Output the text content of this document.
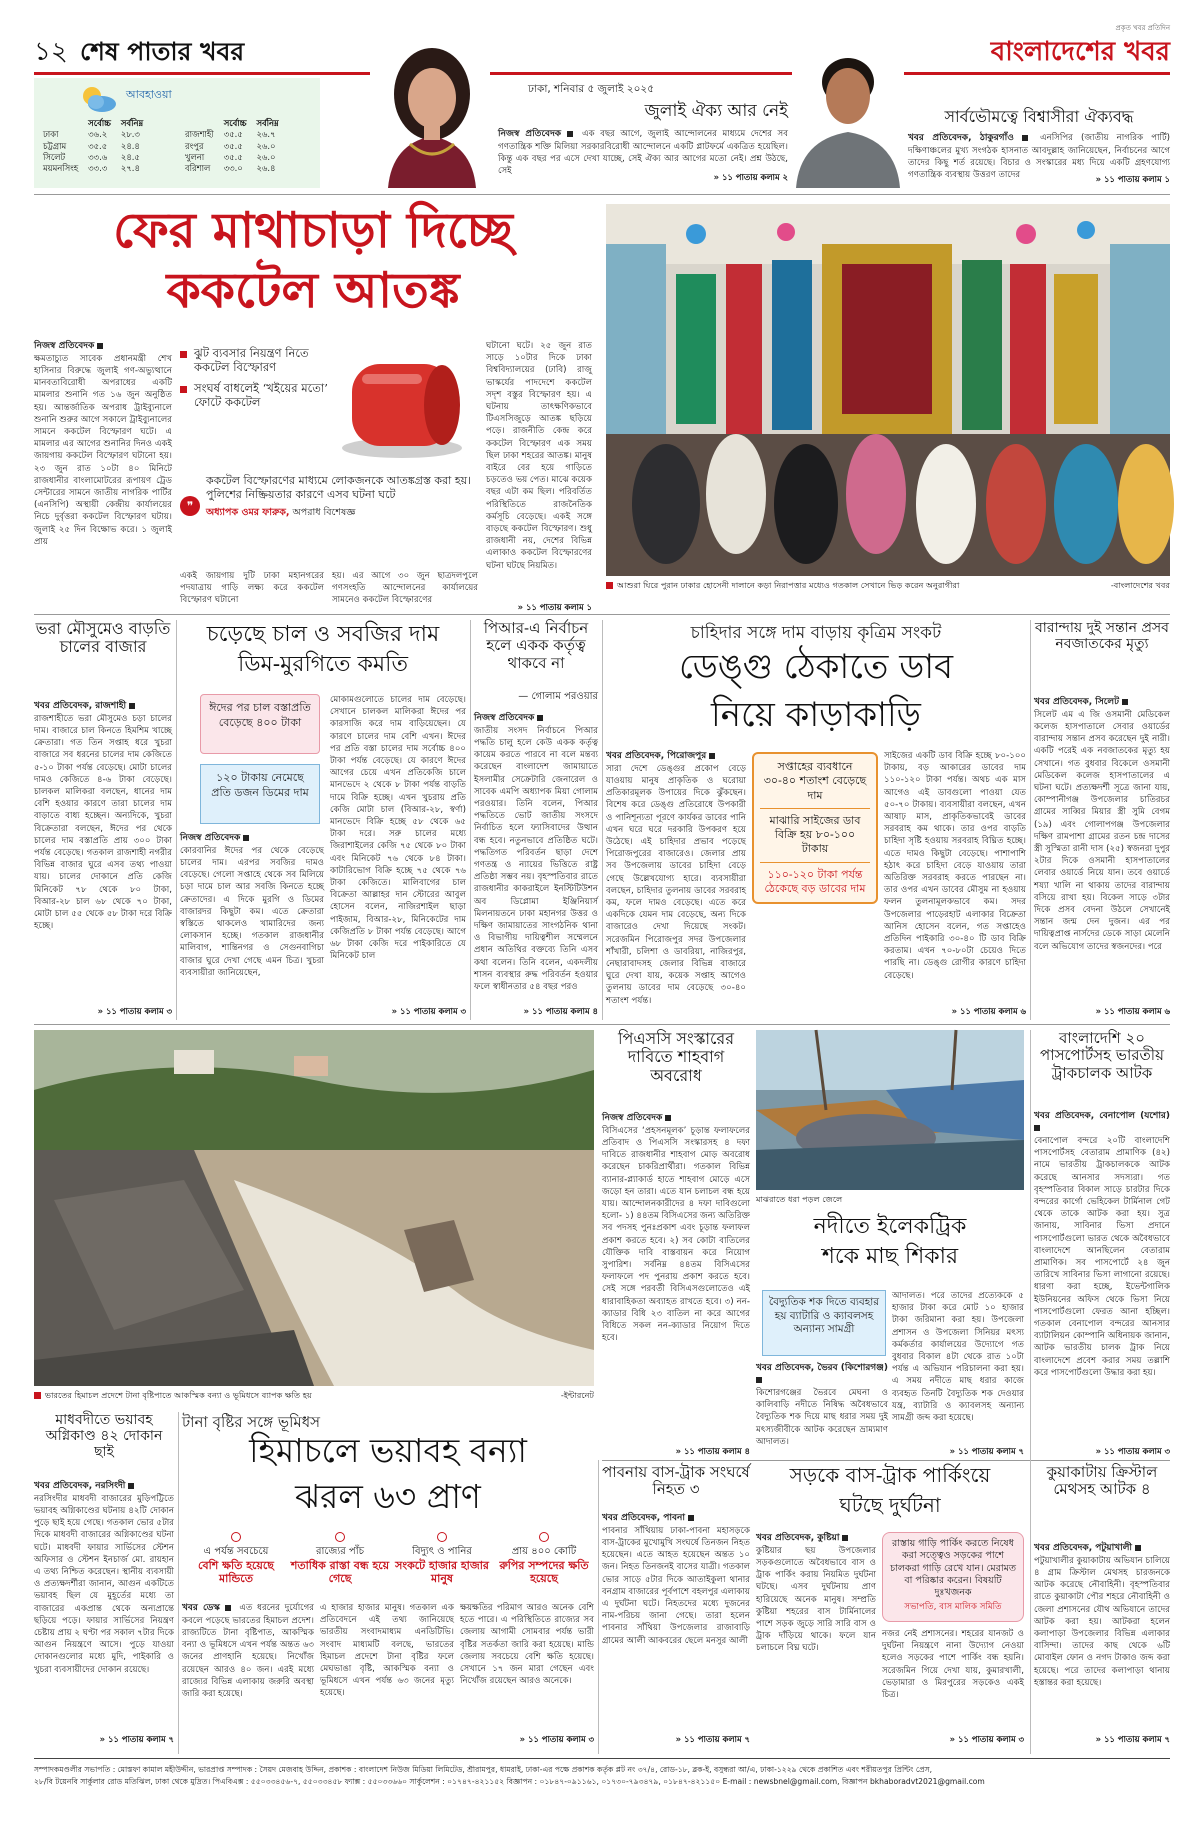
১২ শেষ পাতার খবর
প্রকৃত খবর প্রতিদিন
বাংলাদেশের খবর
আবহাওয়া
	সর্বোচ্চ	সর্বনিম্ন
ঢাকা	৩৬.২	২৮.৩
চট্টগ্রাম	৩৫.৫	২৪.৪
সিলেট	৩৩.৬	২৪.৫
ময়মনসিংহ	৩৩.৩	২৭.৪
	সর্বোচ্চ	সর্বনিম্ন
রাজশাহী	৩৫.৫	২৬.৭
রংপুর	৩৫.৫	২৬.০
খুলনা	৩৫.৫	২৬.০
বরিশাল	৩৩.০	২৬.৪
ঢাকা, শনিবার ৫ জুলাই ২০২৫
জুলাই ঐক্য আর নেই
নিজস্ব প্রতিবেদক এক বছর আগে, জুলাই আন্দোলনের মাধ্যমে দেশের সব গণতান্ত্রিক শক্তি মিলিয়া সরকারবিরোধী আন্দোলনে একটি প্লাটফর্মে একত্রিত হয়েছিল। কিন্তু এক বছর পর এসে দেখা যাচ্ছে, সেই ঐক্য আর আগের মতো নেই। প্রশ্ন উঠছে, সেই
» ১১ পাতায় কলাম ২
সার্বভৌমত্বে বিশ্বাসীরা ঐক্যবদ্ধ
খবর প্রতিবেদক, ঠাকুরগাঁও	এনসিপির (জাতীয় নাগরিক পার্টি) দক্ষিণাঞ্চলের মুখ্য সংগঠক হাসনাত আবদুল্লাহ জানিয়েছেন, নির্বাচনের আগে তাদের কিছু শর্ত রয়েছে। বিচার ও সংস্কারের মধ্য দিয়ে একটি গ্রহণযোগ্য গণতান্ত্রিক ব্যবস্থায় উত্তরণ তাদের	» ১১ পাতায় কলাম ১
ফের মাথাচাড়া দিচ্ছে
ককটেল আতঙ্ক
নিজস্ব প্রতিবেদক
ক্ষমতাচ্যুত সাবেক প্রধানমন্ত্রী শেখ হাসিনার বিরুদ্ধে জুলাই গণ-অভ্যুত্থানে মানবতাবিরোধী অপরাধের একটি মামলার শুনানি গত ১৬ জুন অনুষ্ঠিত হয়। আন্তর্জাতিক অপরাধ ট্রাইব্যুনালে শুনানি শুরুর আগে সকালে ট্রাইব্যুনালের সামনে ককটেল বিস্ফোরণ ঘটে। এ মামলার এর আগের শুনানির দিনও একই জায়গায় ককটেল বিস্ফোরণ ঘটানো হয়। ২৩ জুন রাত ১০টা ৪০ মিনিটে রাজধানীর বাংলামোটরের রূপায়ণ ট্রেড সেন্টারের সামনে জাতীয় নাগরিক পার্টির (এনসিপি) অস্থায়ী কেন্দ্রীয় কার্যালয়ের নিচে দুর্বৃত্তরা ককটেল বিস্ফোরণ ঘটায়। জুলাই ২৫ দিন বিক্ষোভ করে। ১ জুলাই প্রায়
ঝুট ব্যবসার নিয়ন্ত্রণ নিতে ককটেল বিস্ফোরণ
সংঘর্ষ বাধলেই ‘খইয়ের মতো’ ফোটে ককটেল
ককটেল বিস্ফোরণের মাধ্যমে লোকজনকে আতঙ্কগ্রস্ত করা হয়। পুলিশের নিষ্ক্রিয়তার কারণে এসব ঘটনা ঘটে
❞	অধ্যাপক ওমর ফারুক, অপরাধ বিশেষজ্ঞ
একই জায়গায় দুটি ঢাকা মহানগরের পদযাত্রায় গাড়ি লক্ষ্য করে ককটেল বিস্ফোরণ ঘটানো
হয়। এর আগে ৩০ জুন ছাত্রদলপুলে গণসংহতি আন্দোলনের কার্যালয়ের সামনেও ককটেল বিস্ফোরণের
ঘটানো ঘটে। ২৫ জুন রাত সাড়ে ১০টার দিকে ঢাকা বিশ্ববিদ্যালয়ের (ঢাবি) রাজু ভাস্কর্যের পাদদেশে ককটেল সদৃশ বস্তুর বিস্ফোরণ হয়। এ ঘটনায় তাৎক্ষণিকভাবে টিএসসিজুড়ে আতঙ্ক ছড়িয়ে পড়ে। রাজনীতি কেন্দ্র করে ককটেল বিস্ফোরণ এক সময় ছিল ঢাকা শহরের আতঙ্ক। মানুষ বাইরে বের হয়ে গাড়িতে চড়তেও ভয় পেত। মাঝে কয়েক বছর এটা কম ছিল। পরিবর্তিত পরিস্থিতিতে রাজনৈতিক কর্মসূচি বেড়েছে। একই সঙ্গে বাড়ছে ককটেল বিস্ফোরণ। শুধু রাজধানী নয়, দেশের বিভিন্ন এলাকাও ককটেল বিস্ফোরণের ঘটনা ঘটছে নিয়মিত।
» ১১ পাতায় কলাম ১
আশুরা ঘিরে পুরান ঢাকার হোসেনী দালানে কড়া নিরাপত্তার মধ্যেও গতকাল সেখানে ভিড় করেন অনুরাগীরা	-বাংলাদেশের খবর
ভরা মৌসুমেও বাড়তি চালের বাজার
খবর প্রতিবেদক, রাজশাহী
রাজশাহীতে ভরা মৌসুমেও চড়া চালের দাম। বাজারে চাল কিনতে হিমশিম খাচ্ছে ক্রেতারা। গত তিন সপ্তাহ ধরে খুচরা বাজারে সব ধরনের চালের দাম কেজিতে ৫-১০ টাকা পর্যন্ত বেড়েছে। মোটা চালের দামও কেজিতে ৪-৬ টাকা বেড়েছে। চালকল মালিকরা বলছেন, ধানের দাম বেশি হওয়ার কারণে তারা চালের দাম বাড়াতে বাধ্য হচ্ছেন। অন্যদিকে, খুচরা বিক্রেতারা বলছেন, ঈদের পর থেকে চালের দাম বস্তাপ্রতি প্রায় ৩০০ টাকা পর্যন্ত বেড়েছে। গতকাল রাজশাহী নগরীর বিভিন্ন বাজার ঘুরে এসব তথ্য পাওয়া যায়। চালের দোকানে প্রতি কেজি মিনিকেট ৭৮ থেকে ৮০ টাকা, বিআর-২৮ চাল ৬৮ থেকে ৭০ টাকা, মোটা চাল ৫৫ থেকে ৫৮ টাকা দরে বিক্রি হচ্ছে।
» ১১ পাতায় কলাম ৩
চড়েছে চাল ও সবজির দাম
ডিম-মুরগিতে কমতি
ঈদের পর চাল বস্তাপ্রতি বেড়েছে ৪০০ টাকা
১২০ টাকায় নেমেছে প্রতি ডজন ডিমের দাম
নিজস্ব প্রতিবেদক
কোরবানির ঈদের পর থেকে বেড়েছে চালের দাম। এরপর সবজির দামও বেড়েছে। গেলো সপ্তাহে থেকে সব মিলিয়ে চড়া দামে চাল আর সবজি কিনতে হচ্ছে ক্রেতাদের। এ দিকে মুরগি ও ডিমের বাজারদর কিছুটা কম। এতে ক্রেতারা স্বস্তিতে থাকলেও খামারিদের জন্য লোকসান হচ্ছে। গতকাল রাজধানীর মালিবাগ, শান্তিনগর ও সেগুনবাগিচা বাজার ঘুরে দেখা গেছে এমন চিত্র। খুচরা ব্যবসায়ীরা জানিয়েছেন,
মোকামগুলোতে চালের দাম বেড়েছে। সেখানে চালকল মালিকরা ঈদের পর কারসাজি করে দাম বাড়িয়েছেন। যে কারণে চালের দাম বেশি এখন। ঈদের পর প্রতি বস্তা চালের দাম সর্বোচ্চ ৪০০ টাকা পর্যন্ত বেড়েছে। যে কারণে ঈদের আগের চেয়ে এখন প্রতিকেজি চালে মানভেদে ২ থেকে ৮ টাকা পর্যন্ত বাড়তি দামে বিক্রি হচ্ছে। এখন খুচরায় প্রতি কেজি মোটা চাল (বিআর-২৮, স্বর্ণা) মানভেদে বিক্রি হচ্ছে ৫৮ থেকে ৬৫ টাকা দরে। সরু চালের মধ্যে জিরাশাইলের কেজি ৭৫ থেকে ৮০ টাকা এবং মিনিকেট ৭৬ থেকে ৮৪ টাকা। কাটারিভোগ বিক্রি হচ্ছে ৭৫ থেকে ৭৬ টাকা কেজিতে। মালিবাগের চাল বিক্রেতা আল্লাহর দান স্টোরের আবুল হোসেন বলেন, নাজিরশাইল ছাড়া পাইজাম, বিআর-২৮, মিনিকেটের দাম কেজিপ্রতি ৮ টাকা পর্যন্ত বেড়েছে। আগে ৬৮ টাকা কেজি দরে পাইকারিতে যে মিনিকেট চাল
» ১১ পাতায় কলাম ৩
পিআর-এ নির্বাচন হলে একক কর্তৃত্ব থাকবে না
— গোলাম পরওয়ার
নিজস্ব প্রতিবেদক
জাতীয় সংসদ নির্বাচনে পিআর পদ্ধতি চালু হলে কেউ একক কর্তৃত্ব কায়েম করতে পারবে না বলে মন্তব্য করেছেন বাংলাদেশ জামায়াতে ইসলামীর সেক্রেটারি জেনারেল ও সাবেক এমপি অধ্যাপক মিয়া গোলাম পরওয়ার। তিনি বলেন, পিআর পদ্ধতিতে ভোট জাতীয় সংসদে নির্বাচিত হলে ফ্যাসিবাদের উত্থান বন্ধ হবে। নতুনভাবে প্রতিষ্ঠিত ঘটে। পদ্ধতিগত পরিবর্তন ছাড়া দেশে গণতন্ত্র ও ন্যায়ের ভিত্তিতে রাষ্ট্র প্রতিষ্ঠা সম্ভব নয়। বৃহস্পতিবার রাতে রাজধানীর কাকরাইলে ইনস্টিটিউশন অব ডিপ্লোমা ইঞ্জিনিয়ার্স মিলনায়তনে ঢাকা মহানগর উত্তর ও দক্ষিণ জামায়াতের সাংগঠনিক থানা ও বিভাগীয় দায়িত্বশীল সম্মেলনে প্রধান অতিথির বক্তব্যে তিনি এসব কথা বলেন। তিনি বলেন, একদলীয় শাসন ব্যবস্থার রুদ্ধ পরিবর্তন হওয়ার ফলে স্বাধীনতার ৫৪ বছর পরও
» ১১ পাতায় কলাম ৪
চাহিদার সঙ্গে দাম বাড়ায় কৃত্রিম সংকট
ডেঙ্গু ঠেকাতে ডাব
নিয়ে কাড়াকাড়ি
খবর প্রতিবেদক, পিরোজপুর
সারা দেশে ডেঙ্গুর প্রকোপ বেড়ে যাওয়ায় মানুষ প্রাকৃতিক ও ঘরোয়া প্রতিকারমূলক উপায়ের দিকে ঝুঁকছেন। বিশেষ করে ডেঙ্গু প্রতিরোধে উপকারী ও পানিশূন্যতা পূরণে কার্যকর ডাবের পানি এখন ঘরে ঘরে দরকারি উপকরণ হয়ে উঠেছে। এই চাহিদার প্রভাব পড়েছে পিরোজপুরের বাজারেও। জেলার প্রায় সব উপজেলায় ডাবের চাহিদা বেড়ে গেছে উল্লেখযোগ্য হারে। ব্যবসায়ীরা বলছেন, চাহিদার তুলনায় ডাবের সরবরাহ কম, ফলে দামও বেড়েছে। এতে করে একদিকে যেমন দাম বেড়েছে, অন্য দিকে বাজারেও দেখা দিয়েছে সংকট। সরেজমিন পিরোজপুর সদর উপজেলার শাঁখারী, চলিশা ও ডাবরিয়া, নাজিরপুর, নেছারাবাদসহ জেলার বিভিন্ন বাজারে ঘুরে দেখা যায়, কয়েক সপ্তাহ আগেও তুলনায় ডাবের দাম বেড়েছে ৩০-৪০ শতাংশ পর্যন্ত।
সপ্তাহের ব্যবধানে ৩০-৪০ শতাংশ বেড়েছে দাম
মাঝারি সাইজের ডাব বিক্রি হয় ৮০-১০০ টাকায়
১১০-১২০ টাকা পর্যন্ত ঠেকেছে বড় ডাবের দাম
সাইজের একটি ডাব বিক্রি হচ্ছে ৮০-১০০ টাকায়, বড় আকারের ডাবের দাম ১১০-১২০ টাকা পর্যন্ত। অথচ এক মাস আগেও এই ডাবগুলো পাওয়া যেত ৫০-৭০ টাকায়। ব্যবসায়ীরা বলছেন, এখন আষাঢ় মাস, প্রাকৃতিকভাবেই ডাবের সরবরাহ কম থাকে। তার ওপর বাড়তি চাহিদা সৃষ্টি হওয়ায় সরবরাহ বিঘ্নিত হচ্ছে। এতে দামও কিছুটা বেড়েছে। পাশাপাশি হঠাৎ করে চাহিদা বেড়ে যাওয়ায় তারা অতিরিক্ত সরবরাহ করতে পারছেন না। তার ওপর এখন ডাবের মৌসুম না হওয়ায় ফলন তুলনামূলকভাবে কম। সদর উপজেলার পাড়েরহাট এলাকার বিক্রেতা আনিস হোসেন বলেন, গত সপ্তাহেও প্রতিদিন পাইকারি ৩০-৪০ টি ডাব বিক্রি করতাম। এখন ৭০-৮০টা চেয়েও দিতে পারছি না। ডেঙ্গু রোগীর কারণে চাহিদা বেড়েছে।
» ১১ পাতায় কলাম ৬
বারান্দায় দুই সন্তান প্রসব নবজাতকের মৃত্যু
খবর প্রতিবেদক, সিলেট
সিলেট এম এ জি ওসমানী মেডিকেল কলেজ হাসপাতালে সেবার ওয়ার্ডের বারান্দায় সন্তান প্রসব করেছেন দুই নারী। একটি পরেই এক নবজাতকের মৃত্যু হয় সেখানে। গত বুধবার বিকেলে ওসমানী মেডিকেল কলেজ হাসপাতালের এ ঘটনা ঘটে। প্রত্যক্ষদর্শী সূত্রে জানা যায়, কোম্পানীগঞ্জ উপজেলার চাতিরচর গ্রামের সাব্বির মিয়ার স্ত্রী সুমি বেগম (১৯) এবং গোলাপগঞ্জ উপজেলার দক্ষিণ রামপাশা গ্রামের রতন চন্দ্র দাসের স্ত্রী সুস্মিতা রানী দাস (২৫) স্বজনরা দুপুর ২টার দিকে ওসমানী হাসপাতালের লেবার ওয়ার্ডে নিয়ে যান। তবে ওয়ার্ডে শয্যা খালি না থাকায় তাদের বারান্দায় বসিয়ে রাখা হয়। বিকেল সাড়ে ৩টার দিকে প্রসব বেদনা উঠলে সেখানেই সন্তান জন্ম দেন দুজন। এর পর দায়িত্বপ্রাপ্ত নার্সদের ডেকে সাড়া মেলেনি বলে অভিযোগ তাদের স্বজনদের। পরে
» ১১ পাতায় কলাম ৬
ভারতের হিমাচল প্রদেশে টানা বৃষ্টিপাতে আকস্মিক বন্যা ও ভূমিধসে ব্যাপক ক্ষতি হয়	-ইন্টারনেট
পিএসসি সংস্কারের দাবিতে শাহবাগ অবরোধ
নিজস্ব প্রতিবেদক
বিসিএসের ‘প্রহসনমূলক’ চূড়ান্ত ফলাফলের প্রতিবাদ ও পিএসসি সংস্কারসহ ৪ দফা দাবিতে রাজধানীর শাহবাগ মোড় অবরোধ করেছেন চাকরিপ্রার্থীরা। গতকাল বিভিন্ন ব্যানার-প্ল্যাকার্ড হাতে শাহবাগ মোড়ে এসে জড়ো হন তারা। এতে যান চলাচল বন্ধ হয়ে যায়। আন্দোলনকারীদের ৪ দফা দাবিগুলো হলো- ১) ৪৪তম বিসিএসের জন্য অতিরিক্ত সব পদসহ পুনঃপ্রকাশ এবং চূড়ান্ত ফলাফল প্রকাশ করতে হবে। ২) সব কোটা বাতিলের যৌক্তিক দাবি বাস্তবায়ন করে নিয়োগ সুপারিশ। সর্বনিম্ন ৪৪তম বিসিএসের ফলাফলে পদ পুনরায় প্রকাশ করতে হবে। সেই সঙ্গে পরবর্তী বিসিএসগুলোতেও এই ধারাবাহিকতা অব্যাহত রাখতে হবে। ৩) নন-ক্যাডার বিধি ২৩ বাতিল না করে আগের বিধিতে সকল নন-ক্যাডার নিয়োগ দিতে হবে।
» ১১ পাতায় কলাম ৪
মাঝরাতে ধরা পড়ল জেলে
নদীতে ইলেকট্রিক
শকে মাছ শিকার
বৈদ্যুতিক শক দিতে ব্যবহার হয় ব্যাটারি ও ক্যাবলসহ অন্যান্য সামগ্রী
খবর প্রতিবেদক, ভৈরব (কিশোরগঞ্জ)
কিশোরগঞ্জের ভৈরবে মেঘনা ও কালিবাড়ি নদীতে নিষিদ্ধ অবৈধভাবে বৈদ্যুতিক শক দিয়ে মাছ ধরার সময় দুই মৎস্যজীবীকে আটক করেছেন ভ্রাম্যমাণ আদালত।
আদালত। পরে তাদের প্রত্যেককে ৫ হাজার টাকা করে মোট ১০ হাজার টাকা জরিমানা করা হয়। উপজেলা প্রশাসন ও উপজেলা সিনিয়র মৎস্য কর্মকর্তার কার্যালয়ের উদ্যোগে গত বুধবার বিকাল ৪টা থেকে রাত ১০টা পর্যন্ত এ অভিযান পরিচালনা করা হয়। এ সময় নদীতে মাছ ধরার কাজে ব্যবহৃত তিনটি বৈদ্যুতিক শক দেওয়ার যন্ত্র, ব্যাটারি ও ক্যাবলসহ অন্যান্য সামগ্রী জব্দ করা হয়েছে।
» ১১ পাতায় কলাম ৭
বাংলাদেশি ২০ পাসপোর্টসহ ভারতীয় ট্রাকচালক আটক
খবর প্রতিবেদক, বেনাপোল (যশোর)
বেনাপোল বন্দরে ২০টি বাংলাদেশি পাসপোর্টসহ বেতারাম প্রামাণিক (৪২) নামে ভারতীয় ট্রাকচালককে আটক করেছে আনসার সদস্যরা। গত বৃহস্পতিবার বিকাল সাড়ে চারটার দিকে বন্দরের কার্গো ভেহিকেল টার্মিনাল গেট থেকে তাকে আটক করা হয়। সুত্র জানায়, সাবিনার ভিসা প্রদানে পাসপোর্টগুলো ভারত থেকে অবৈধভাবে বাংলাদেশে আনছিলেন বেতারাম প্রামাণিক। সব পাসপোর্টে ২৪ জুন তারিখে সাবিনার ভিসা লাগানো রয়েছে। ধারণা করা হচ্ছে, ইভেন্টগালিক ইউনিয়নের অফিস থেকে ভিসা নিয়ে পাসপোর্টগুলো ফেরত আনা হচ্ছিল। গতকাল বেনাপোল বন্দরের আনসার ব্যাটালিয়ন কোম্পানি অধিনায়ক জানান, আটক ভারতীয় চালক ট্রাক নিয়ে বাংলাদেশে প্রবেশ করার সময় তল্লাশি করে পাসপোর্টগুলো উদ্ধার করা হয়।
» ১১ পাতায় কলাম ৩
মাধবদীতে ভয়াবহ অগ্নিকাণ্ড ৪২ দোকান ছাই
খবর প্রতিবেদক, নরসিংদী
নরসিংদীর মাধবদী বাজারের মুড়িপট্টিতে ভয়াবহ অগ্নিকাণ্ডের ঘটনায় ৪২টি দোকান পুড়ে ছাই হয়ে গেছে। গতকাল ভোর ৫টার দিকে মাধবদী বাজারের অগ্নিকাণ্ডের ঘটনা ঘটে। মাধবদী ফায়ার সার্ভিসের স্টেশন অফিসার ও স্টেশন ইনচার্জ মো. রায়হান এ তথ্য নিশ্চিত করেছেন। স্থানীয় ব্যবসায়ী ও প্রত্যক্ষদর্শীরা জানান, আগুন একটিতে ভয়াবহ ছিল যে মুহূর্তের মধ্যে তা বাজারের একপ্রান্ত থেকে অন্যপ্রান্তে ছড়িয়ে পড়ে। ফায়ার সার্ভিসের নিয়ন্ত্রণ চেষ্টায় প্রায় ২ ঘণ্টা পর সকাল ৭টার দিকে আগুন নিয়ন্ত্রণে আসে। পুড়ে যাওয়া দোকানগুলোর মধ্যে মুদি, পাইকারি ও খুচরা ব্যবসায়ীদের দোকান রয়েছে।
» ১১ পাতায় কলাম ৭
টানা বৃষ্টির সঙ্গে ভূমিধস
হিমাচলে ভয়াবহ বন্যা
ঝরল ৬৩ প্রাণ
এ পর্যন্ত সবচেয়ে
বেশি ক্ষতি হয়েছে মান্ডিতে
রাজ্যের পাঁচ
শতাধিক রাস্তা বন্ধ হয়ে গেছে
বিদ্যুৎ ও পানির
সংকটে হাজার হাজার মানুষ
প্রায় ৪০০ কোটি
রুপির সম্পদের ক্ষতি হয়েছে
খবর ডেস্ক এত ধরনের দুর্যোগের কবলে পড়েছে ভারতের হিমাচল প্রদেশ। রাজ্যটিতে টানা বৃষ্টিপাত, আকস্মিক বন্যা ও ভূমিধসে এখন পর্যন্ত অন্তত ৬৩ জনের প্রাণহানি হয়েছে। নিখোঁজ রয়েছেন আরও ৪০ জন। এরই মধ্যে রাজ্যের বিভিন্ন এলাকায় জরুরি অবস্থা জারি করা হয়েছে।
এ হাজার হাজার মানুষ। গতকাল এক প্রতিবেদনে এই তথ্য জানিয়েছে ভারতীয় সংবাদমাধ্যম এনডিটিভি। সংবাদ মাধ্যমটি বলছে, ভারতের হিমাচল প্রদেশে টানা বৃষ্টির ফলে মেঘভাঙা বৃষ্টি, আকস্মিক বন্যা ও ভূমিধসে এখন পর্যন্ত ৬৩ জনের মৃত্যু হয়েছে।
ক্ষয়ক্ষতির পরিমাণ আরও অনেক বেশি হতে পারে। এ পরিস্থিতিতে রাজ্যের সব জেলায় আগামী সোমবার পর্যন্ত ভারী বৃষ্টির সতর্কতা জারি করা হয়েছে। মান্ডি জেলায় সবচেয়ে বেশি ক্ষতি হয়েছে। সেখানে ১৭ জন মারা গেছেন এবং নিখোঁজ রয়েছেন আরও অনেকে।
» ১১ পাতায় কলাম ৩
পাবনায় বাস-ট্রাক সংঘর্ষে নিহত ৩
খবর প্রতিবেদক, পাবনা
পাবনার সাঁথিয়ায় ঢাকা-পাবনা মহাসড়কে বাস-ট্রাকের মুখোমুখি সংঘর্ষে তিনজন নিহত হয়েছেন। এতে আহত হয়েছেন অন্তত ১০ জন। নিহত তিনজনই বাসের যাত্রী। গতকাল ভোর সাড়ে ৫টার দিকে আতাইকুলা থানার বনগ্রাম বাজারের পূর্বপাশে বহলপুর এলাকায় এ দুর্ঘটনা ঘটে। নিহতদের মধ্যে দুজনের নাম-পরিচয় জানা গেছে। তারা হলেন পাবনার সাঁথিয়া উপজেলার রাজাবাড়ি গ্রামের আলী আকবরের ছেলে মনসুর আলী
» ১১ পাতায় কলাম ৭
সড়কে বাস-ট্রাক পার্কিংয়ে
ঘটছে দুর্ঘটনা
খবর প্রতিবেদক, কুষ্টিয়া
কুষ্টিয়ার ছয় উপজেলার সড়কগুলোতে অবৈধভাবে বাস ও ট্রাক পার্কিং করায় নিয়মিত দুর্ঘটনা ঘটছে। এসব দুর্ঘটনায় প্রাণ হারিয়েছে অনেক মানুষ। সম্প্রতি কুষ্টিয়া শহরের বাস টার্মিনালের পাশে সড়ক জুড়ে সারি সারি বাস ও ট্রাক দাঁড়িয়ে থাকে। ফলে যান চলাচলে বিঘ্ন ঘটে।
রাস্তায় গাড়ি পার্কিং করতে নিষেধ করা সত্ত্বেও সড়কের পাশে চালকরা গাড়ি রেখে যান। মেরামত বা পরিষ্কার করেন। বিষয়টি দুঃখজনক
সভাপতি, বাস মালিক সমিতি
নজর নেই প্রশাসনের। শহরের যানজট ও দুর্ঘটনা নিয়ন্ত্রণে নানা উদ্যোগ নেওয়া হলেও সড়কের পাশে পার্কিং বন্ধ হয়নি। সরেজমিন গিয়ে দেখা যায়, কুমারখালী, ভেড়ামারা ও মিরপুরের সড়কেও একই চিত্র।
» ১১ পাতায় কলাম ৩
কুয়াকাটায় ক্রিস্টাল মেথসহ আটক ৪
খবর প্রতিবেদক, পটুয়াখালী
পটুয়াখালীর কুয়াকাটায় অভিযান চালিয়ে ৪ গ্রাম ক্রিস্টাল মেথসহ চারজনকে আটক করেছে নৌবাহিনী। বৃহস্পতিবার রাতে কুয়াকাটা পৌর শহরে নৌবাহিনী ও জেলা প্রশাসনের যৌথ অভিযানে তাদের আটক করা হয়। আটকরা হলেন কলাপাড়া উপজেলার বিভিন্ন এলাকার বাসিন্দা। তাদের কাছ থেকে ৬টি মোবাইল ফোন ও নগদ টাকাও জব্দ করা হয়েছে। পরে তাদের কলাপাড়া থানায় হস্তান্তর করা হয়েছে।
» ১১ পাতায় কলাম ৭
সম্পাদকমণ্ডলীর সভাপতি : মোস্তফা কামাল মহীউদ্দীন, ভারপ্রাপ্ত সম্পাদক : সৈয়দ মেজবাহ উদ্দিন, প্রকাশক : বাংলাদেশ নিউজ মিডিয়া লিমিটেড, শ্রীরামপুর, ধামরাই, ঢাকা-এর পক্ষে প্রকাশক কর্তৃক প্লট নং ৩৭/৪, রোড-১৮, ব্লক-ই, বসুন্ধরা আ/এ, ঢাকা-১২২৯ থেকে প্রকাশিত এবং শরীয়তপুর প্রিন্টিং প্রেস,
২৮/বি টয়েনবি সার্কুলার রোড মতিঝিল, ঢাকা থেকে মুদ্রিত। পিএবিএক্স : ৫৫০৩৩৪৫৬-৭, ৫৫০৩৩৪৫৮ ফ্যাক্স : ৫৫০৩৩৬৬০ সার্কুলেশন : ০১৭৪৭-৪২১১৫২ বিজ্ঞাপন : ০১৮৪৭-০৯১১৬১, ০১৭৩০-৭৯৩৪৭৯, ০১৮৪৭-৪২১১৫০ E-mail : newsbnel@gmail.com, বিজ্ঞাপন bkhaboradvt2021@gmail.com
